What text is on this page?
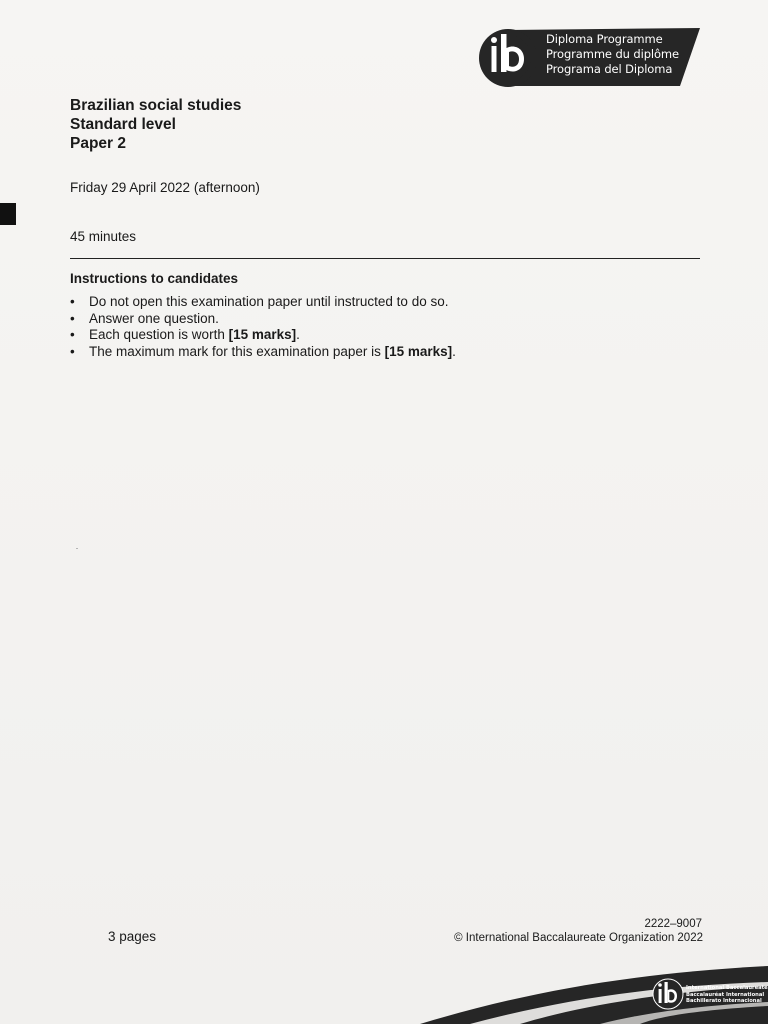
Diploma Programme
Programme du diplôme
Programa del Diploma
Brazilian social studies
Standard level
Paper 2
Friday 29 April 2022 (afternoon)
45 minutes
Instructions to candidates
•	Do not open this examination paper until instructed to do so.
•	Answer one question.
•	Each question is worth [15 marks].
•	The maximum mark for this examination paper is [15 marks].
3 pages
2222–9007
© International Baccalaureate Organization 2022
International Baccalaureate
Baccalauréat International
Bachillerato Internacional
